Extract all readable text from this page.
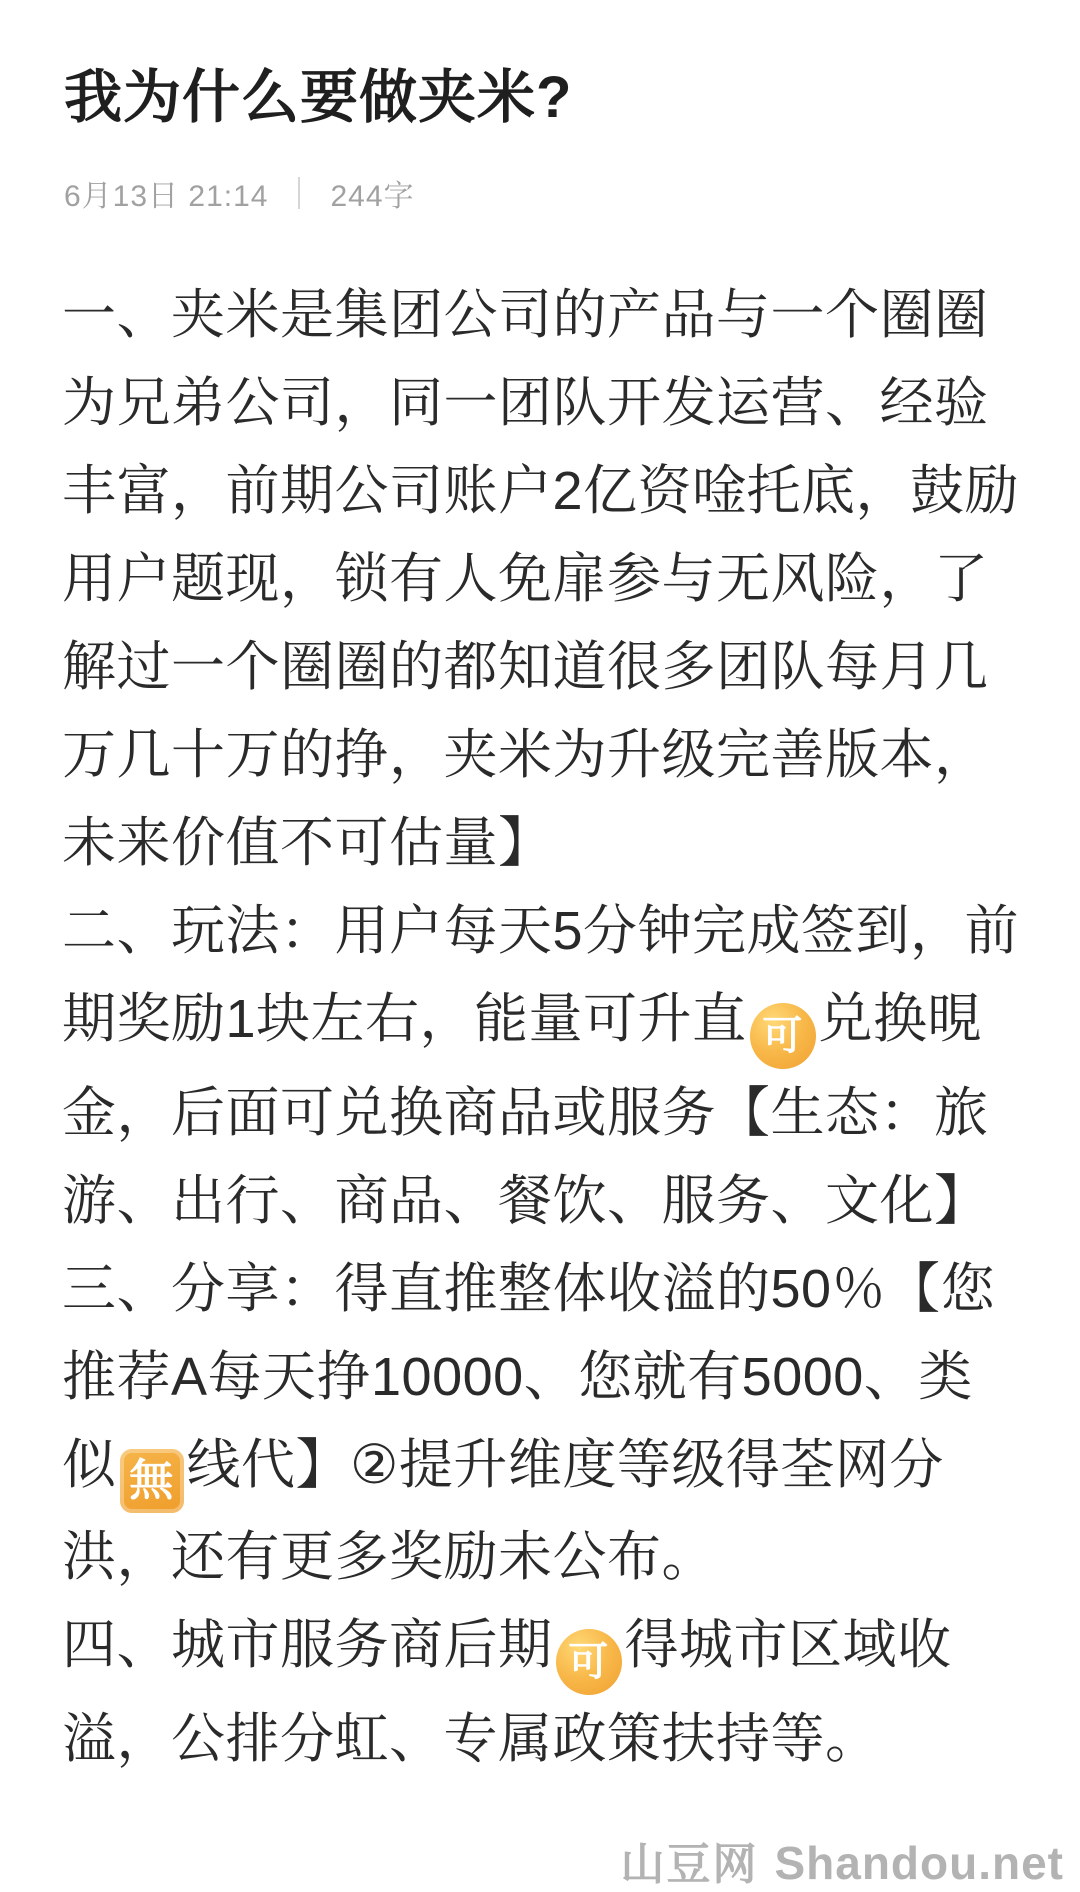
我为什么要做夹米?
6月13日 21:14 244字

一、夹米是集团公司的产品与一个圈圈为兄弟公司，同一团队开发运营、经验丰富，前期公司账户2亿资唫托底，鼓励用户题现，锁有人免扉参与无风险，了解过一个圈圈的都知道很多团队每月几万几十万的挣，夹米为升级完善版本，未来价值不可估量】

二、玩法：用户每天5分钟完成签到，前期奖励1块左右，能量可升直 可 兑换晛金，后面可兑换商品或服务【生态：旅游、出行、商品、餐饮、服务、文化】

三、分享：得直推整体收溢的50％【您推荐A每天挣10000、您就有5000、类似 無 线代】②提升维度等级得荃网分洪，还有更多奖励未公布。

四、城市服务商后期 可 得城市区域收溢，公排分虹、专属政策扶持等。

山豆网 Shandou.net
